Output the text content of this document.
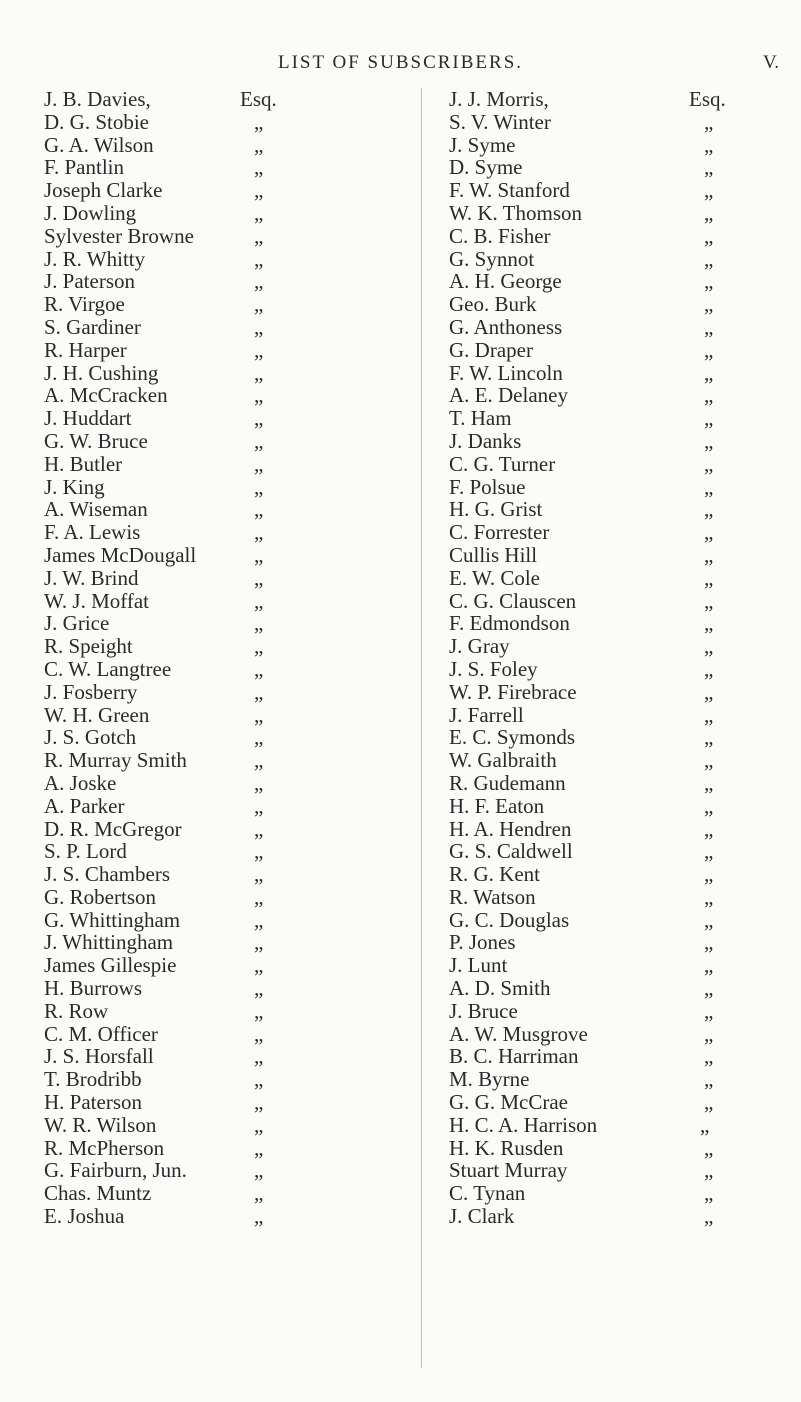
LIST OF SUBSCRIBERS.	V.
J. B. Davies,	Esq.
D. G. Stobie	„
G. A. Wilson	„
F. Pantlin	„
Joseph Clarke	„
J. Dowling	„
Sylvester Browne	„
J. R. Whitty	„
J. Paterson	„
R. Virgoe	„
S. Gardiner	„
R. Harper	„
J. H. Cushing	„
A. McCracken	„
J. Huddart	„
G. W. Bruce	„
H. Butler	„
J. King	„
A. Wiseman	„
F. A. Lewis	„
James McDougall	„
J. W. Brind	„
W. J. Moffat	„
J. Grice	„
R. Speight	„
C. W. Langtree	„
J. Fosberry	„
W. H. Green	„
J. S. Gotch	„
R. Murray Smith	„
A. Joske	„
A. Parker	„
D. R. McGregor	„
S. P. Lord	„
J. S. Chambers	„
G. Robertson	„
G. Whittingham	„
J. Whittingham	„
James Gillespie	„
H. Burrows	„
R. Row	„
C. M. Officer	„
J. S. Horsfall	„
T. Brodribb	„
H. Paterson	„
W. R. Wilson	„
R. McPherson	„
G. Fairburn, Jun.	„
Chas. Muntz	„
E. Joshua	„
J. J. Morris,	Esq.
S. V. Winter	„
J. Syme	„
D. Syme	„
F. W. Stanford	„
W. K. Thomson	„
C. B. Fisher	„
G. Synnot	„
A. H. George	„
Geo. Burk	„
G. Anthoness	„
G. Draper	„
F. W. Lincoln	„
A. E. Delaney	„
T. Ham	„
J. Danks	„
C. G. Turner	„
F. Polsue	„
H. G. Grist	„
C. Forrester	„
Cullis Hill	„
E. W. Cole	„
C. G. Clauscen	„
F. Edmondson	„
J. Gray	„
J. S. Foley	„
W. P. Firebrace	„
J. Farrell	„
E. C. Symonds	„
W. Galbraith	„
R. Gudemann	„
H. F. Eaton	„
H. A. Hendren	„
G. S. Caldwell	„
R. G. Kent	„
R. Watson	„
G. C. Douglas	„
P. Jones	„
J. Lunt	„
A. D. Smith	„
J. Bruce	„
A. W. Musgrove	„
B. C. Harriman	„
M. Byrne	„
G. G. McCrae	„
H. C. A. Harrison	„
H. K. Rusden	„
Stuart Murray	„
C. Tynan	„
J. Clark	„
